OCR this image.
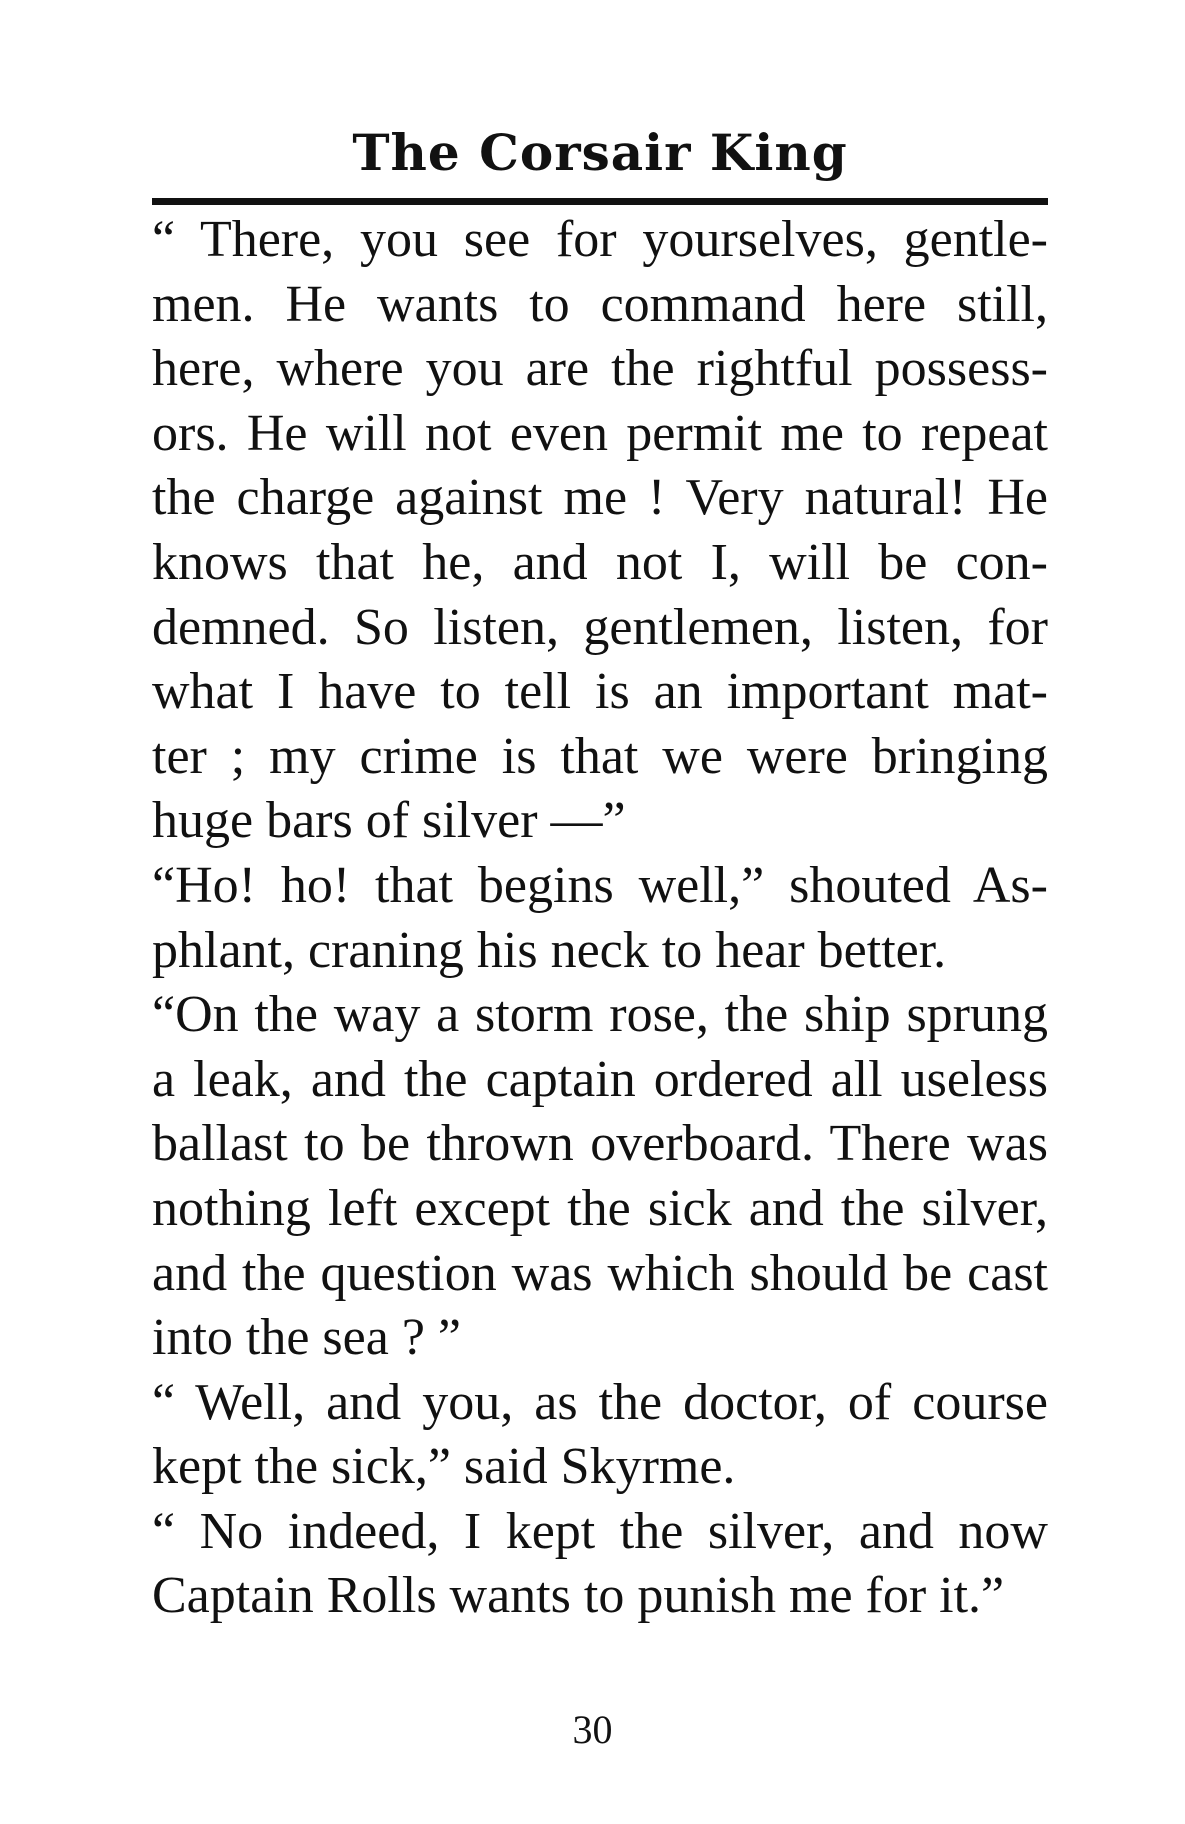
The Corsair King
“ There, you see for yourselves, gentle-
men. He wants to command here still,
here, where you are the rightful possess-
ors. He will not even permit me to repeat
the charge against me ! Very natural! He
knows that he, and not I, will be con-
demned. So listen, gentlemen, listen, for
what I have to tell is an important mat-
ter ; my crime is that we were bringing
huge bars of silver —”
“Ho! ho! that begins well,” shouted As-
phlant, craning his neck to hear better.
“On the way a storm rose, the ship sprung
a leak, and the captain ordered all useless
ballast to be thrown overboard. There was
nothing left except the sick and the silver,
and the question was which should be cast
into the sea ? ”
“ Well, and you, as the doctor, of course
kept the sick,” said Skyrme.
“ No indeed, I kept the silver, and now
Captain Rolls wants to punish me for it.”
30
